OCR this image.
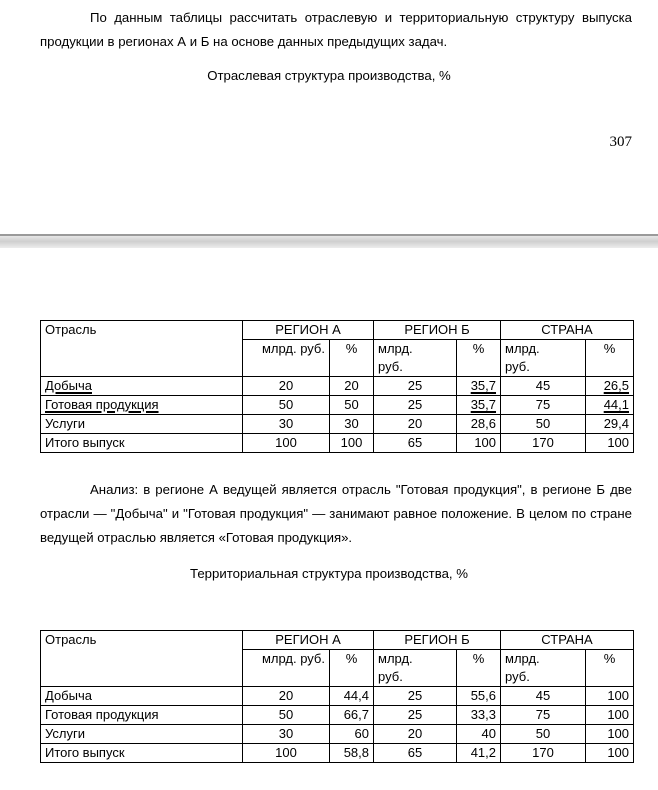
По данным таблицы рассчитать отраслевую и территориальную структуру выпуска продукции в регионах А и Б на основе данных предыдущих задач.
Отраслевая структура производства, %
307
Отрасль	РЕГИОН А		РЕГИОН Б		СТРАНА	
	млрд. руб.	%	млрд. руб.	%	млрд. руб.	%
Добыча	20	20	25	35,7	45	26,5
Готовая продукция	50	50	25	35,7	75	44,1
Услуги	30	30	20	28,6	50	29,4
Итого выпуск	100	100	65	100	170	100
Анализ: в регионе А ведущей является отрасль "Готовая продукция", в регионе Б две отрасли — "Добыча" и "Готовая продукция" — занимают равное положение. В целом по стране ведущей отраслью является «Готовая продукция».
Территориальная структура производства, %
Отрасль	РЕГИОН А		РЕГИОН Б		СТРАНА	
	млрд. руб.	%	млрд. руб.	%	млрд. руб.	%
Добыча	20	44,4	25	55,6	45	100
Готовая продукция	50	66,7	25	33,3	75	100
Услуги	30	60	20	40	50	100
Итого выпуск	100	58,8	65	41,2	170	100
